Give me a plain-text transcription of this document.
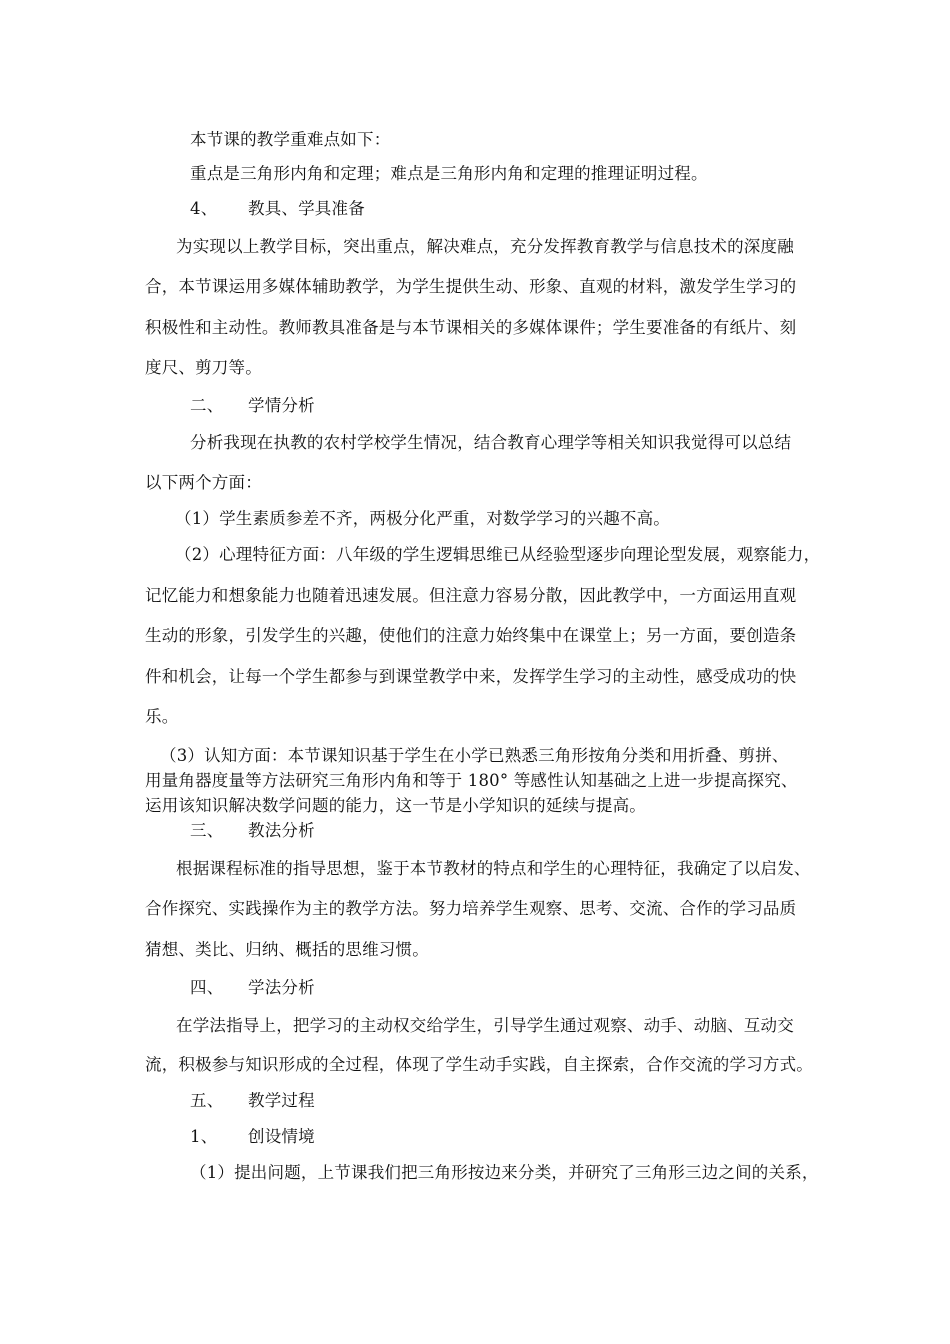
本节课的教学重难点如下：
重点是三角形内角和定理；难点是三角形内角和定理的推理证明过程。
4、 教具、学具准备
为实现以上教学目标，突出重点，解决难点，充分发挥教育教学与信息技术的深度融
合，本节课运用多媒体辅助教学，为学生提供生动、形象、直观的材料，激发学生学习的
积极性和主动性。教师教具准备是与本节课相关的多媒体课件；学生要准备的有纸片、刻
度尺、剪刀等。
二、 学情分析
分析我现在执教的农村学校学生情况，结合教育心理学等相关知识我觉得可以总结
以下两个方面：
（1）学生素质参差不齐，两极分化严重，对数学学习的兴趣不高。
（2）心理特征方面：八年级的学生逻辑思维已从经验型逐步向理论型发展，观察能力，
记忆能力和想象能力也随着迅速发展。但注意力容易分散，因此教学中，一方面运用直观
生动的形象，引发学生的兴趣，使他们的注意力始终集中在课堂上；另一方面，要创造条
件和机会，让每一个学生都参与到课堂教学中来，发挥学生学习的主动性，感受成功的快
乐。
（3）认知方面：本节课知识基于学生在小学已熟悉三角形按角分类和用折叠、剪拼、
用量角器度量等方法研究三角形内角和等于 180° 等感性认知基础之上进一步提高探究、
运用该知识解决数学问题的能力，这一节是小学知识的延续与提高。
三、 教法分析
根据课程标准的指导思想，鉴于本节教材的特点和学生的心理特征，我确定了以启发、
合作探究、实践操作为主的教学方法。努力培养学生观察、思考、交流、合作的学习品质
猜想、类比、归纳、概括的思维习惯。
四、 学法分析
在学法指导上，把学习的主动权交给学生，引导学生通过观察、动手、动脑、互动交
流，积极参与知识形成的全过程，体现了学生动手实践，自主探索，合作交流的学习方式。
五、 教学过程
1、 创设情境
（1）提出问题，上节课我们把三角形按边来分类，并研究了三角形三边之间的关系，
